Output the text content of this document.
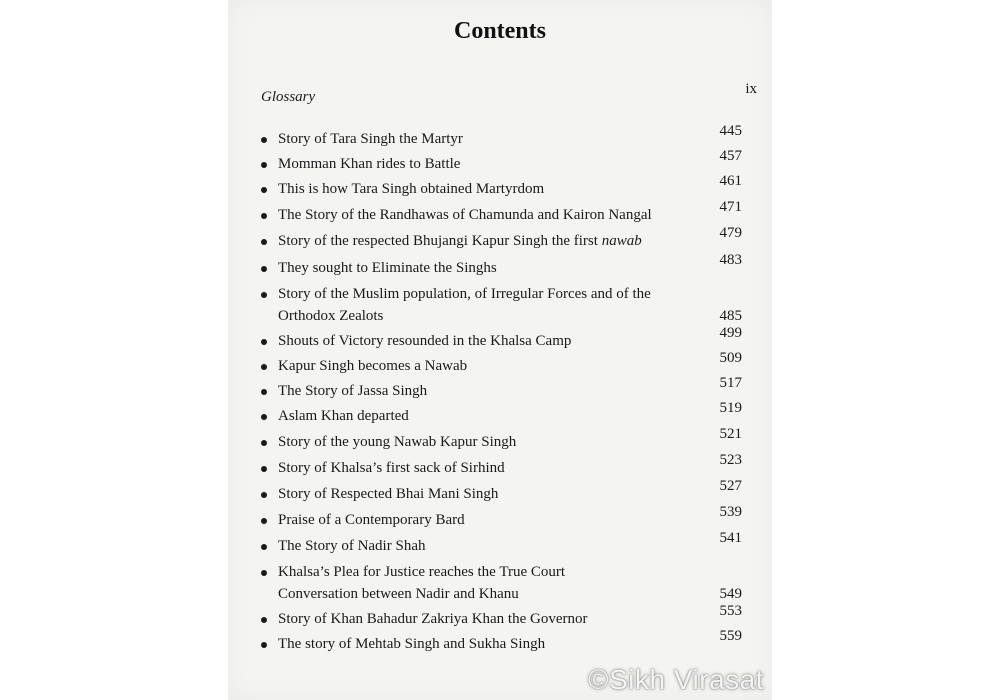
Contents
Glossary	ix
Story of Tara Singh the Martyr	445
Momman Khan rides to Battle	457
This is how Tara Singh obtained Martyrdom	461
The Story of the Randhawas of Chamunda and Kairon Nangal	471
Story of the respected Bhujangi Kapur Singh the first nawab	479
They sought to Eliminate the Singhs	483
Story of the Muslim population, of Irregular Forces and of the
Orthodox Zealots	485
Shouts of Victory resounded in the Khalsa Camp	499
Kapur Singh becomes a Nawab	509
The Story of Jassa Singh	517
Aslam Khan departed	519
Story of the young Nawab Kapur Singh	521
Story of Khalsa’s first sack of Sirhind	523
Story of Respected Bhai Mani Singh	527
Praise of a Contemporary Bard	539
The Story of Nadir Shah	541
Khalsa’s Plea for Justice reaches the True Court
Conversation between Nadir and Khanu	549
Story of Khan Bahadur Zakriya Khan the Governor	553
The story of Mehtab Singh and Sukha Singh	559
©Sikh Virasat
